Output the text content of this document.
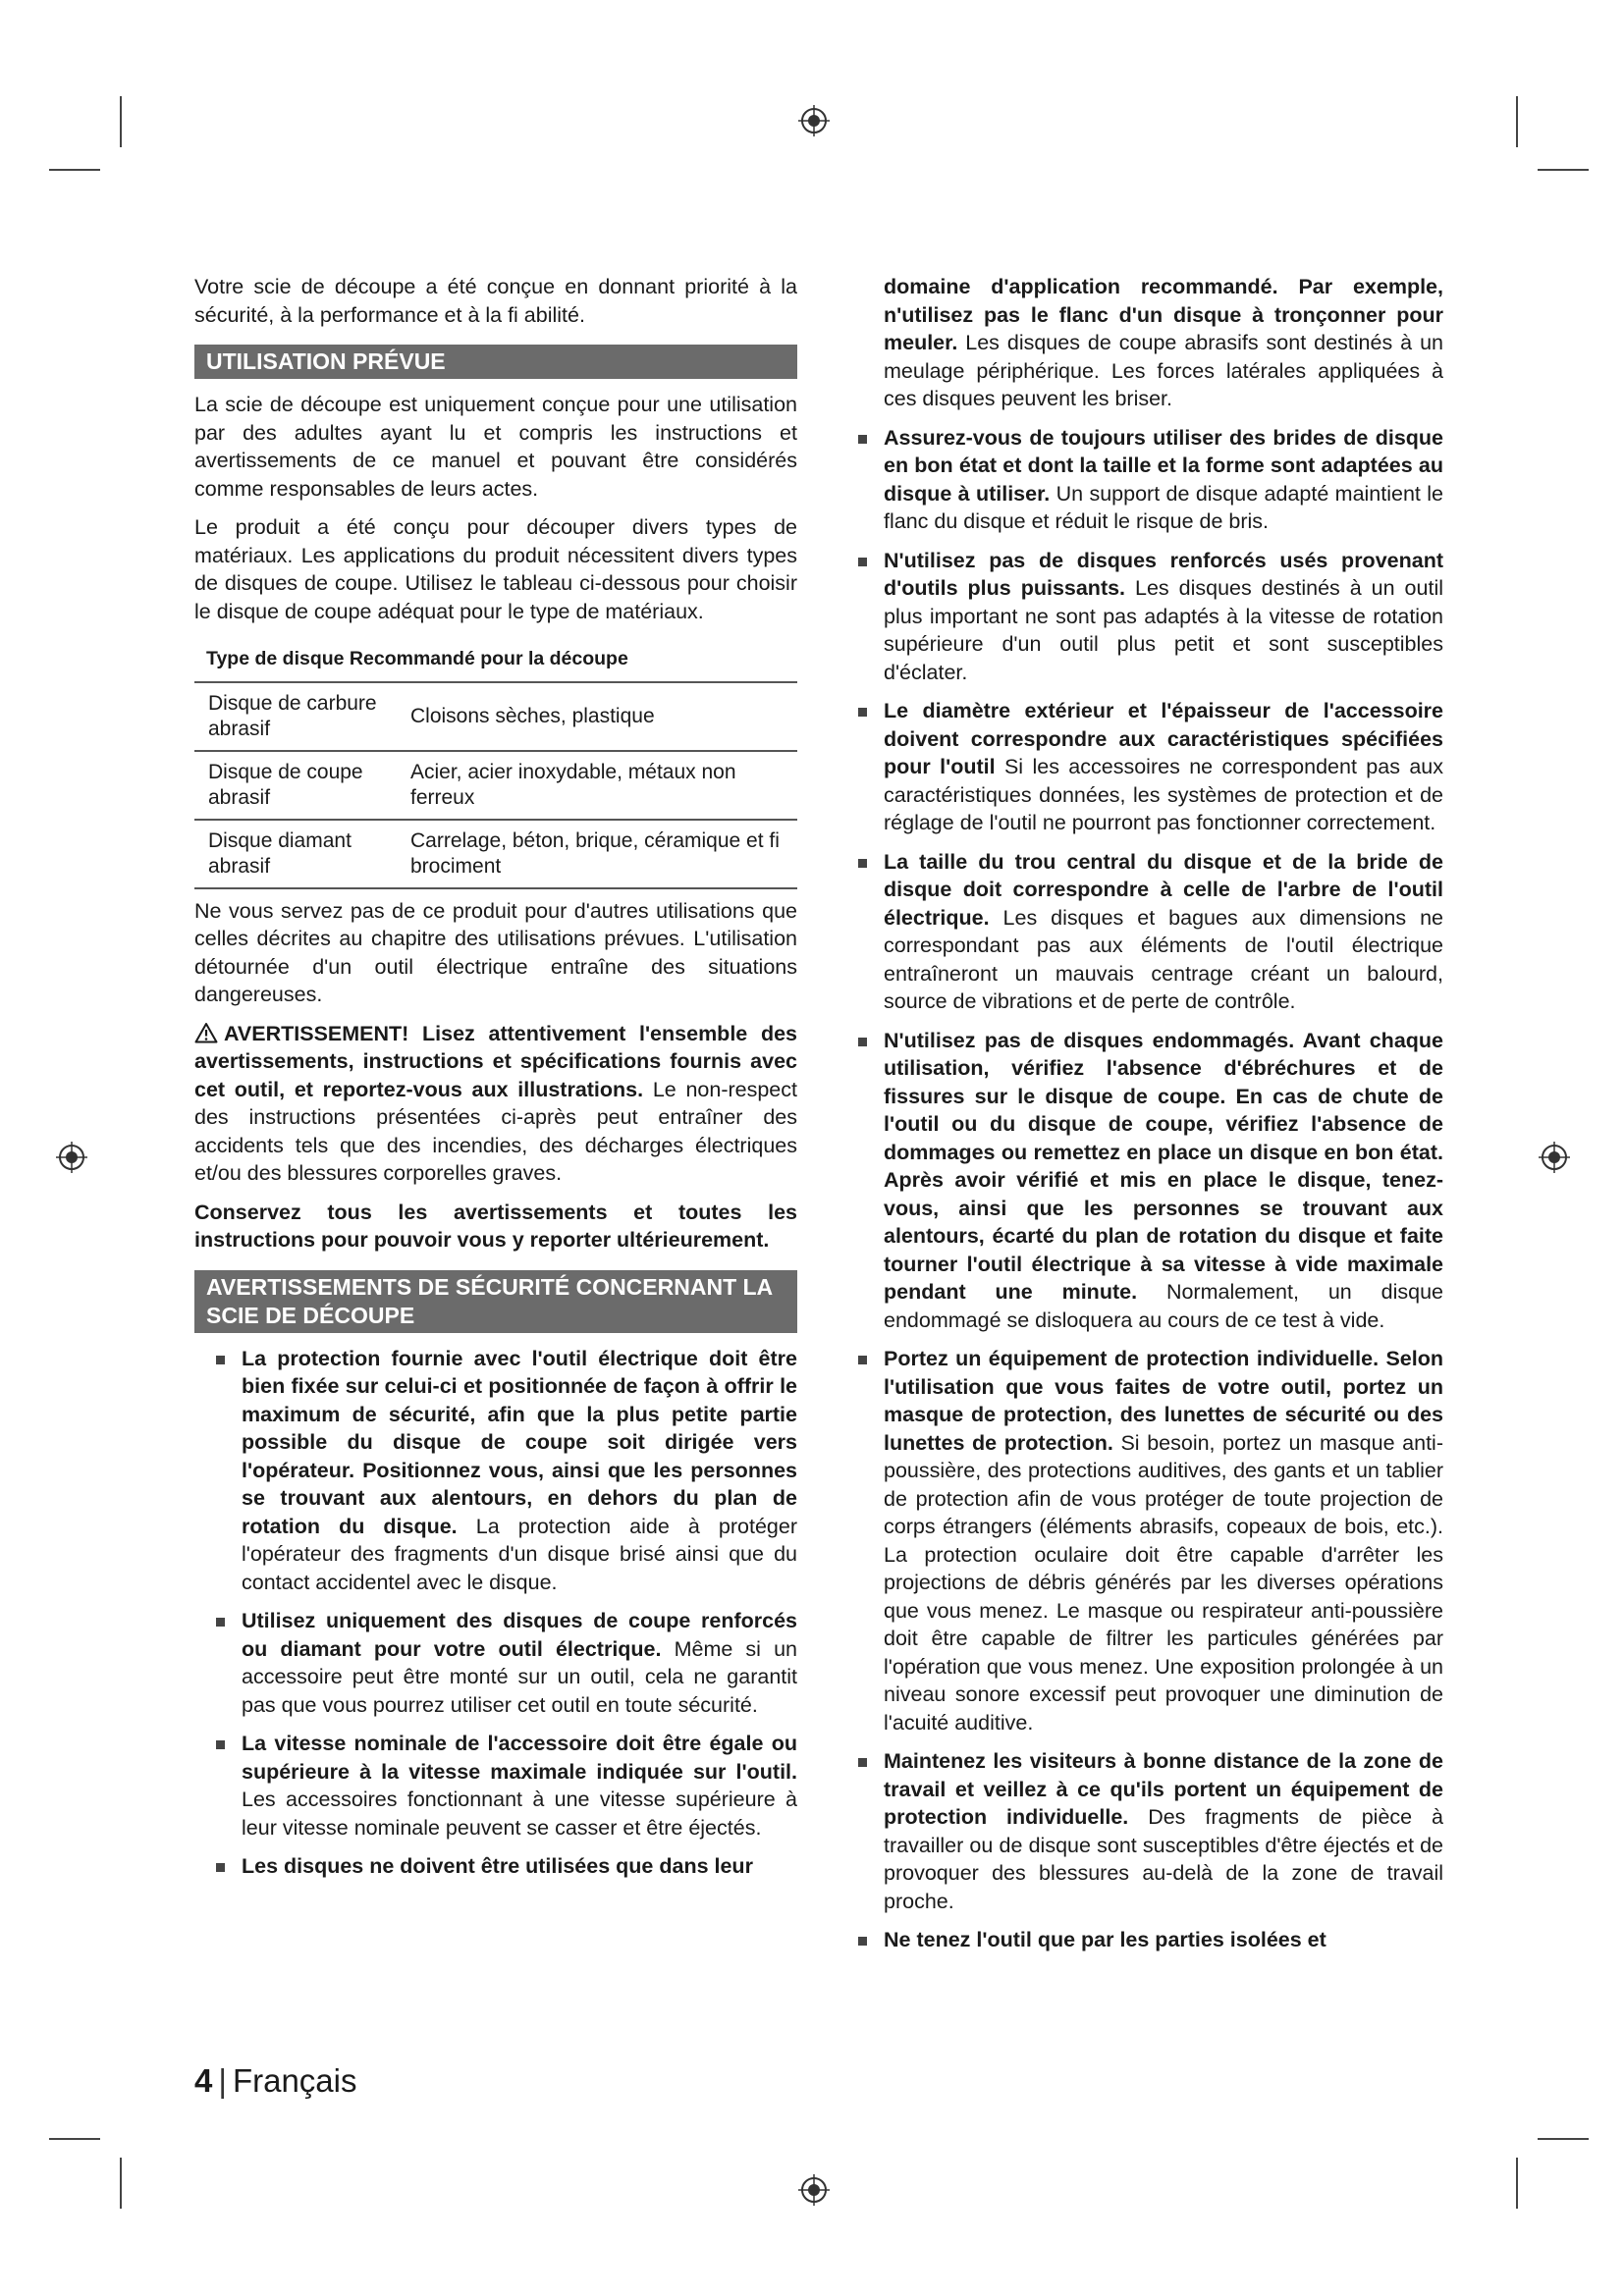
Votre scie de découpe a été conçue en donnant priorité à la sécurité, à la performance et à la fi abilité.

UTILISATION PRÉVUE

La scie de découpe est uniquement conçue pour une utilisation par des adultes ayant lu et compris les instructions et avertissements de ce manuel et pouvant être considérés comme responsables de leurs actes.

Le produit a été conçu pour découper divers types de matériaux. Les applications du produit nécessitent divers types de disques de coupe. Utilisez le tableau ci-dessous pour choisir le disque de coupe adéquat pour le type de matériaux.

Type de disque Recommandé pour la découpe
Disque de carbure abrasif	Cloisons sèches, plastique
Disque de coupe abrasif	Acier, acier inoxydable, métaux non ferreux
Disque diamant abrasif	Carrelage, béton, brique, céramique et fi brociment

Ne vous servez pas de ce produit pour d'autres utilisations que celles décrites au chapitre des utilisations prévues. L'utilisation détournée d'un outil électrique entraîne des situations dangereuses.

AVERTISSEMENT! Lisez attentivement l'ensemble des avertissements, instructions et spécifications fournis avec cet outil, et reportez-vous aux illustrations. Le non-respect des instructions présentées ci-après peut entraîner des accidents tels que des incendies, des décharges électriques et/ou des blessures corporelles graves.

Conservez tous les avertissements et toutes les instructions pour pouvoir vous y reporter ultérieurement.

AVERTISSEMENTS DE SÉCURITÉ CONCERNANT LA SCIE DE DÉCOUPE
La protection fournie avec l'outil électrique doit être bien fixée sur celui-ci et positionnée de façon à offrir le maximum de sécurité, afin que la plus petite partie possible du disque de coupe soit dirigée vers l'opérateur. Positionnez vous, ainsi que les personnes se trouvant aux alentours, en dehors du plan de rotation du disque. La protection aide à protéger l'opérateur des fragments d'un disque brisé ainsi que du contact accidentel avec le disque.
Utilisez uniquement des disques de coupe renforcés ou diamant pour votre outil électrique. Même si un accessoire peut être monté sur un outil, cela ne garantit pas que vous pourrez utiliser cet outil en toute sécurité.
La vitesse nominale de l'accessoire doit être égale ou supérieure à la vitesse maximale indiquée sur l'outil. Les accessoires fonctionnant à une vitesse supérieure à leur vitesse nominale peuvent se casser et être éjectés.
Les disques ne doivent être utilisées que dans leur

domaine d'application recommandé. Par exemple, n'utilisez pas le flanc d'un disque à tronçonner pour meuler. Les disques de coupe abrasifs sont destinés à un meulage périphérique. Les forces latérales appliquées à ces disques peuvent les briser.

Assurez-vous de toujours utiliser des brides de disque en bon état et dont la taille et la forme sont adaptées au disque à utiliser. Un support de disque adapté maintient le flanc du disque et réduit le risque de bris.
N'utilisez pas de disques renforcés usés provenant d'outils plus puissants. Les disques destinés à un outil plus important ne sont pas adaptés à la vitesse de rotation supérieure d'un outil plus petit et sont susceptibles d'éclater.
Le diamètre extérieur et l'épaisseur de l'accessoire doivent correspondre aux caractéristiques spécifiées pour l'outil Si les accessoires ne correspondent pas aux caractéristiques données, les systèmes de protection et de réglage de l'outil ne pourront pas fonctionner correctement.
La taille du trou central du disque et de la bride de disque doit correspondre à celle de l'arbre de l'outil électrique. Les disques et bagues aux dimensions ne correspondant pas aux éléments de l'outil électrique entraîneront un mauvais centrage créant un balourd, source de vibrations et de perte de contrôle.
N'utilisez pas de disques endommagés. Avant chaque utilisation, vérifiez l'absence d'ébréchures et de fissures sur le disque de coupe. En cas de chute de l'outil ou du disque de coupe, vérifiez l'absence de dommages ou remettez en place un disque en bon état. Après avoir vérifié et mis en place le disque, tenez-vous, ainsi que les personnes se trouvant aux alentours, écarté du plan de rotation du disque et faite tourner l'outil électrique à sa vitesse à vide maximale pendant une minute. Normalement, un disque endommagé se disloquera au cours de ce test à vide.
Portez un équipement de protection individuelle. Selon l'utilisation que vous faites de votre outil, portez un masque de protection, des lunettes de sécurité ou des lunettes de protection. Si besoin, portez un masque anti-poussière, des protections auditives, des gants et un tablier de protection afin de vous protéger de toute projection de corps étrangers (éléments abrasifs, copeaux de bois, etc.). La protection oculaire doit être capable d'arrêter les projections de débris générés par les diverses opérations que vous menez. Le masque ou respirateur anti-poussière doit être capable de filtrer les particules générées par l'opération que vous menez. Une exposition prolongée à un niveau sonore excessif peut provoquer une diminution de l'acuité auditive.
Maintenez les visiteurs à bonne distance de la zone de travail et veillez à ce qu'ils portent un équipement de protection individuelle. Des fragments de pièce à travailler ou de disque sont susceptibles d'être éjectés et de provoquer des blessures au-delà de la zone de travail proche.
Ne tenez l'outil que par les parties isolées et
4 | Français
